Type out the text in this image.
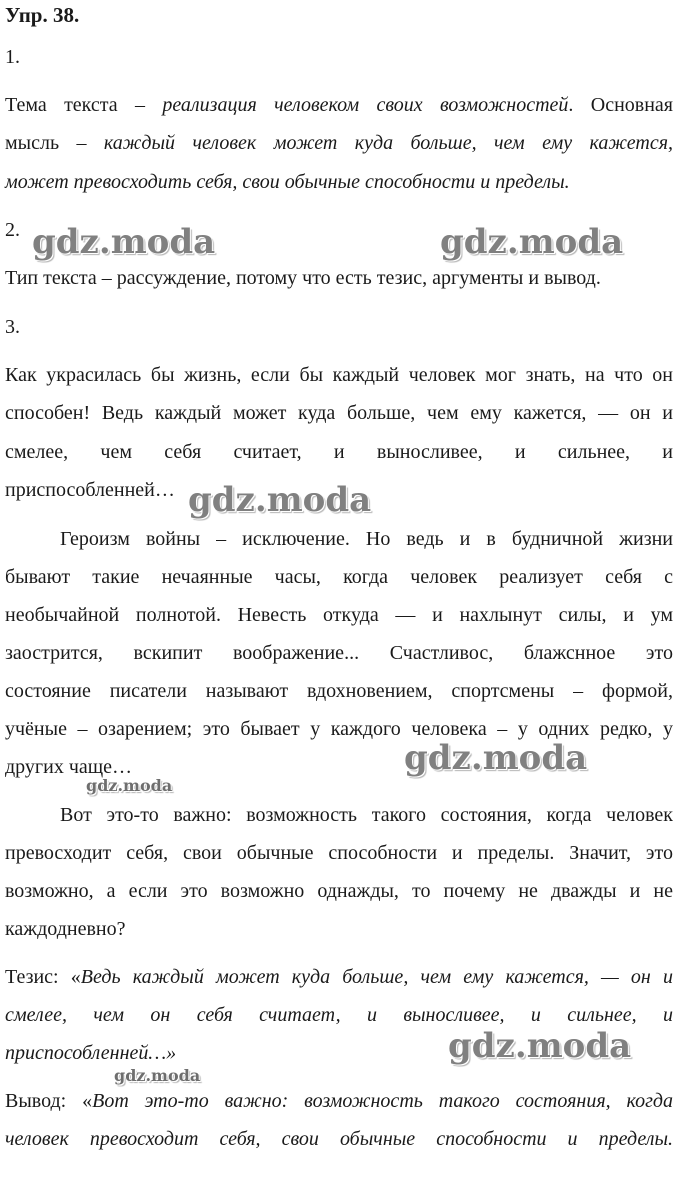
Упр. 38.
1.
Тема текста – реализация человеком своих возможностей. Основная
мысль – каждый человек может куда больше, чем ему кажется,
может превосходить себя, свои обычные способности и пределы.
2.
Тип текста – рассуждение, потому что есть тезис, аргументы и вывод.
3.
Как украсилась бы жизнь, если бы каждый человек мог знать, на что он
способен! Ведь каждый может куда больше, чем ему кажется, — он и
смелее, чем себя считает, и выносливее, и сильнее, и
приспособленней…
Героизм войны – исключение. Но ведь и в будничной жизни
бывают такие нечаянные часы, когда человек реализует себя с
необычайной полнотой. Невесть откуда — и нахлынут силы, и ум
заострится, вскипит воображение... Счастливос, блажснное это
состояние писатели называют вдохновением, спортсмены – формой,
учёные – озарением; это бывает у каждого человека – у одних редко, у
других чаще…
Вот это-то важно: возможность такого состояния, когда человек
превосходит себя, свои обычные способности и пределы. Значит, это
возможно, а если это возможно однажды, то почему не дважды и не
каждодневно?
Тезис: «Ведь каждый может куда больше, чем ему кажется, — он и
смелее, чем он себя считает, и выносливее, и сильнее, и
приспособленней…»
Вывод: «Вот это-то важно: возможность такого состояния, когда
человек превосходит себя, свои обычные способности и пределы.
gdz.moda	gdz.moda
gdz.moda
gdz.moda
gdz.moda
gdz.moda
gdz.moda
